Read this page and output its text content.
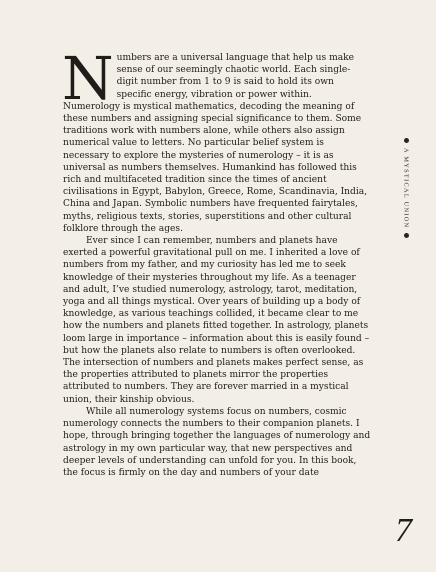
Numbers are a universal language that help us make sense of our seemingly chaotic world. Each single-digit number from 1 to 9 is said to hold its own specific energy, vibration or power within. Numerology is mystical mathematics, decoding the meaning of these numbers and assigning special significance to them. Some traditions work with numbers alone, while others also assign numerical value to letters. No particular belief system is necessary to explore the mysteries of numerology – it is as universal as numbers themselves. Humankind has followed this rich and multifaceted tradition since the times of ancient civilisations in Egypt, Babylon, Greece, Rome, Scandinavia, India, China and Japan. Symbolic numbers have frequented fairytales, myths, religious texts, stories, superstitions and other cultural folklore through the ages.

Ever since I can remember, numbers and planets have exerted a powerful gravitational pull on me. I inherited a love of numbers from my father, and my curiosity has led me to seek knowledge of their mysteries throughout my life. As a teenager and adult, I’ve studied numerology, astrology, tarot, meditation, yoga and all things mystical. Over years of building up a body of knowledge, as various teachings collided, it became clear to me how the numbers and planets fitted together. In astrology, planets loom large in importance – information about this is easily found – but how the planets also relate to numbers is often overlooked. The intersection of numbers and planets makes perfect sense, as the properties attributed to planets mirror the properties attributed to numbers. They are forever married in a mystical union, their kinship obvious.

While all numerology systems focus on numbers, cosmic numerology connects the numbers to their companion planets. I hope, through bringing together the languages of numerology and astrology in my own particular way, that new perspectives and deeper levels of understanding can unfold for you. In this book, the focus is firmly on the day and numbers of your date

A MYSTICAL UNION
7
